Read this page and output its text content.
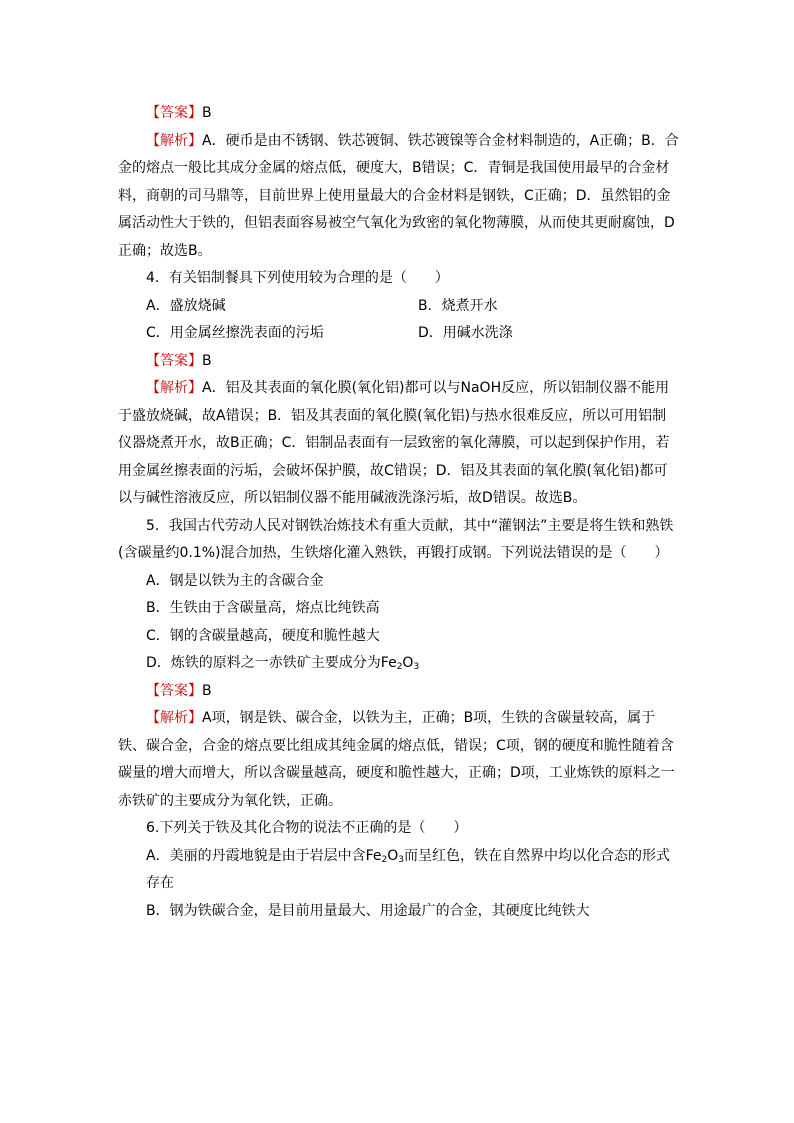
【答案】B

【解析】A．硬币是由不锈钢、铁芯镀铜、铁芯镀镍等合金材料制造的，A正确；B．合金的熔点一般比其成分金属的熔点低，硬度大，B错误；C．青铜是我国使用最早的合金材料，商朝的司马鼎等，目前世界上使用量最大的合金材料是钢铁，C正确；D．虽然铝的金属活动性大于铁的，但铝表面容易被空气氧化为致密的氧化物薄膜，从而使其更耐腐蚀，D正确；故选B。

4．有关铝制餐具下列使用较为合理的是（　　）

A．盛放烧碱	B．烧煮开水
C．用金属丝擦洗表面的污垢	D．用碱水洗涤

【答案】B

【解析】A．铝及其表面的氧化膜(氧化铝)都可以与NaOH反应，所以铝制仪器不能用于盛放烧碱，故A错误；B．铝及其表面的氧化膜(氧化铝)与热水很难反应，所以可用铝制仪器烧煮开水，故B正确；C．铝制品表面有一层致密的氧化薄膜，可以起到保护作用，若用金属丝擦表面的污垢，会破坏保护膜，故C错误；D．铝及其表面的氧化膜(氧化铝)都可以与碱性溶液反应，所以铝制仪器不能用碱液洗涤污垢，故D错误。故选B。

5．我国古代劳动人民对钢铁冶炼技术有重大贡献，其中“灌钢法”主要是将生铁和熟铁(含碳量约0.1%)混合加热，生铁熔化灌入熟铁，再锻打成钢。下列说法错误的是（　　）

A．钢是以铁为主的含碳合金

B．生铁由于含碳量高，熔点比纯铁高

C．钢的含碳量越高，硬度和脆性越大

D．炼铁的原料之一赤铁矿主要成分为$Fe_2O_3$

【答案】B

【解析】A项，钢是铁、碳合金，以铁为主，正确；B项，生铁的含碳量较高，属于铁、碳合金，合金的熔点要比组成其纯金属的熔点低，错误；C项，钢的硬度和脆性随着含碳量的增大而增大，所以含碳量越高，硬度和脆性越大，正确；D项，工业炼铁的原料之一赤铁矿的主要成分为氧化铁，正确。

6.下列关于铁及其化合物的说法不正确的是（　　）

A．美丽的丹霞地貌是由于岩层中含$Fe_2O_3$而呈红色，铁在自然界中均以化合态的形式存在

B．钢为铁碳合金，是目前用量最大、用途最广的合金，其硬度比纯铁大
